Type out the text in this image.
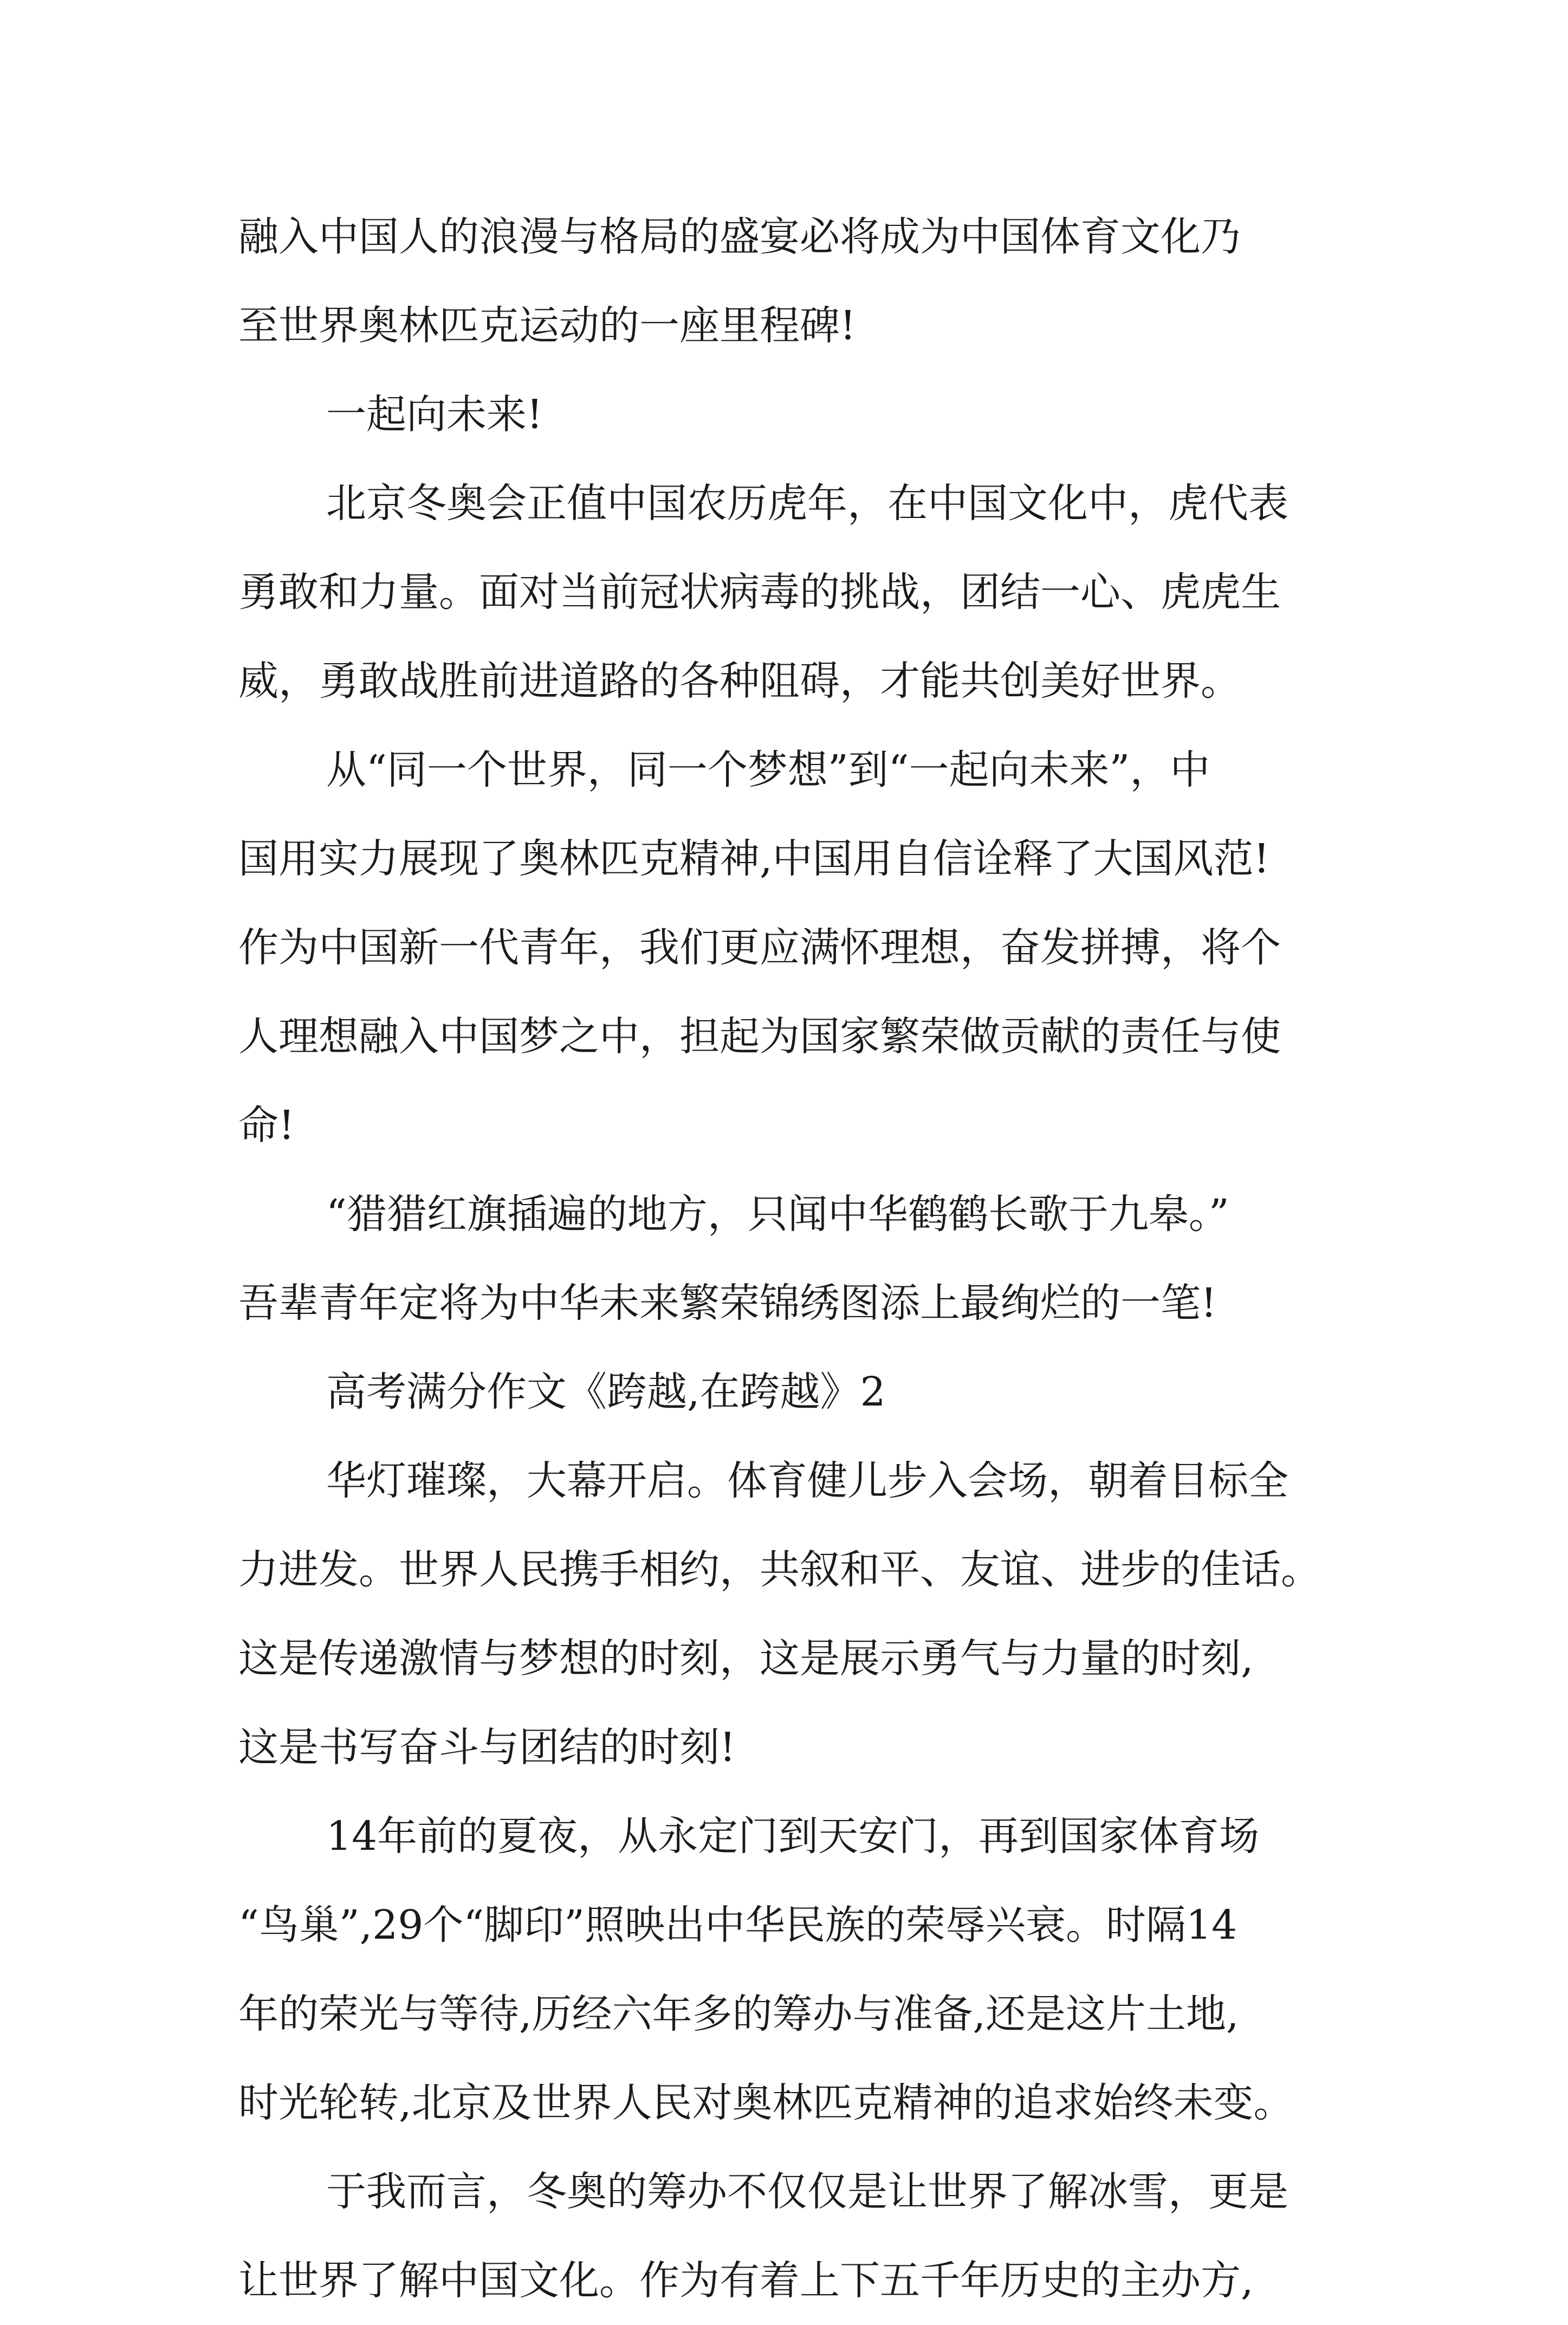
融入中国人的浪漫与格局的盛宴必将成为中国体育文化乃
至世界奥林匹克运动的一座里程碑!
一起向未来!
北京冬奥会正值中国农历虎年，在中国文化中，虎代表
勇敢和力量。面对当前冠状病毒的挑战，团结一心、虎虎生
威，勇敢战胜前进道路的各种阻碍，才能共创美好世界。
从“同一个世界，同一个梦想”到“一起向未来”，中
国用实力展现了奥林匹克精神,中国用自信诠释了大国风范!
作为中国新一代青年，我们更应满怀理想，奋发拼搏，将个
人理想融入中国梦之中，担起为国家繁荣做贡献的责任与使
命!
“猎猎红旗插遍的地方，只闻中华鹤鹤长歌于九皋。”
吾辈青年定将为中华未来繁荣锦绣图添上最绚烂的一笔!
高考满分作文《跨越,在跨越》2
华灯璀璨，大幕开启。体育健儿步入会场，朝着目标全
力进发。世界人民携手相约，共叙和平、友谊、进步的佳话。
这是传递激情与梦想的时刻，这是展示勇气与力量的时刻,
这是书写奋斗与团结的时刻!
14年前的夏夜，从永定门到天安门，再到国家体育场
“鸟巢”,29个“脚印”照映出中华民族的荣辱兴衰。时隔14
年的荣光与等待,历经六年多的筹办与准备,还是这片土地,
时光轮转,北京及世界人民对奥林匹克精神的追求始终未变。
于我而言，冬奥的筹办不仅仅是让世界了解冰雪，更是
让世界了解中国文化。作为有着上下五千年历史的主办方,
